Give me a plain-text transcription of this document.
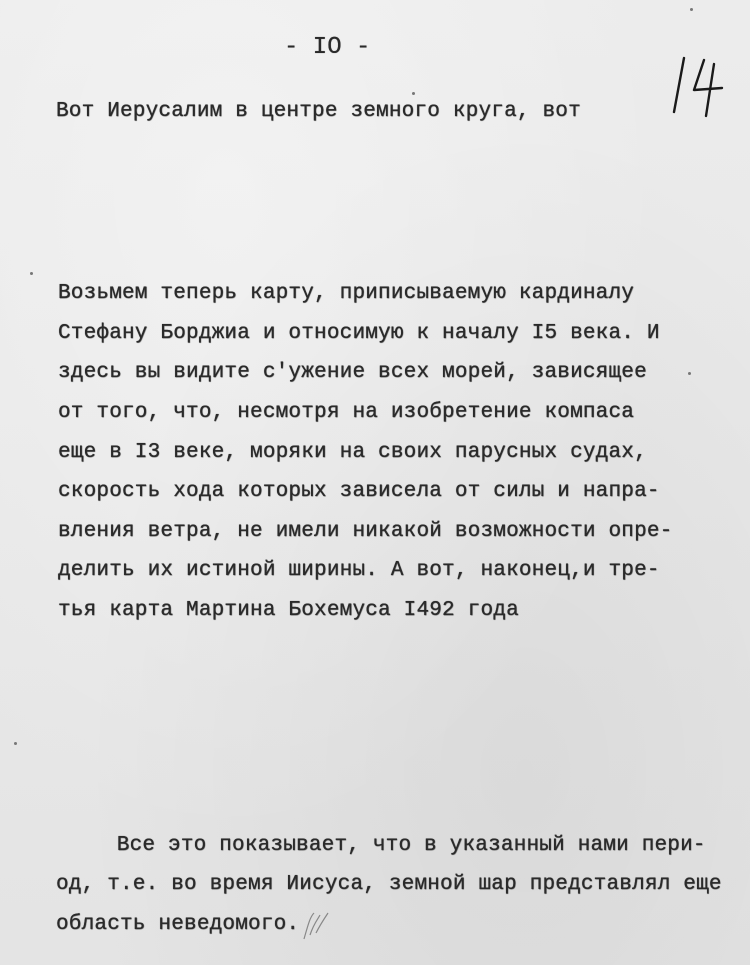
- IO -
Вот Иерусалим в центре земного круга, вот
Возьмем теперь карту, приписываемую кардиналу
Стефану Борджиа и относимую к началу I5 века. И
здесь вы видите с'ужение всех морей, зависящее
от того, что, несмотря на изобретение компаса
еще в I3 веке, моряки на своих парусных судах,
скорость хода которых зависела от силы и напра-
вления ветра, не имели никакой возможности опре-
делить их истиной ширины. А вот, наконец,и тре-
тья карта Мартина Бохемуса I492 года
Все это показывает, что в указанный нами пери-
од, т.е. во время Иисуса, земной шар представлял еще
область неведомого.
